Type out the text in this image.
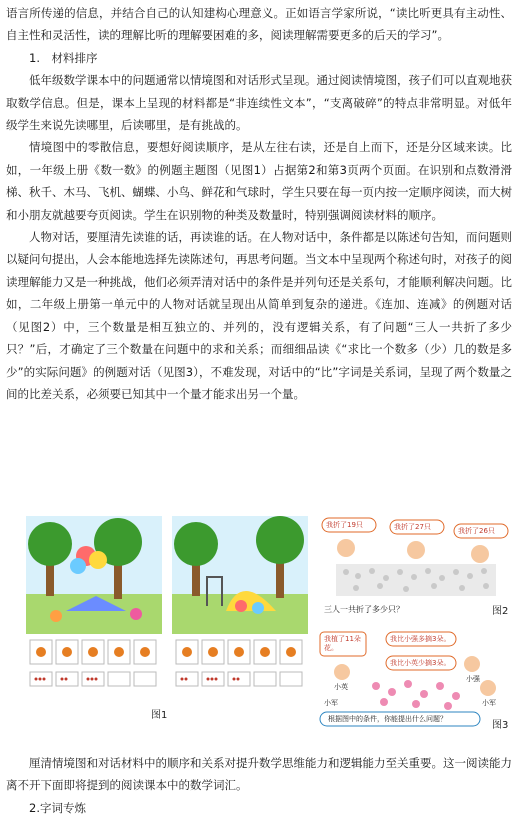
语言所传递的信息，并结合自己的认知建构心理意义。正如语言学家所说，“读比听更具有主动性、自主性和灵活性，读的理解比听的理解要困难的多，阅读理解需要更多的后天的学习”。

1.　材料排序

低年级数学课本中的问题通常以情境图和对话形式呈现。通过阅读情境图，孩子们可以直观地获取数学信息。但是，课本上呈现的材料都是“非连续性文本”，“支离破碎”的特点非常明显。对低年级学生来说先读哪里，后读哪里，是有挑战的。

情境图中的零散信息，要想好阅读顺序，是从左往右读，还是自上而下，还是分区域来读。比如，一年级上册《数一数》的例题主题图（见图1）占据第2和第3页两个页面。在识别和点数滑滑梯、秋千、木马、飞机、蝴蝶、小鸟、鲜花和气球时，学生只要在每一页内按一定顺序阅读，而大树和小朋友就越要夸页阅读。学生在识别物的种类及数量时，特别强调阅读材料的顺序。

人物对话，要厘清先读谁的话，再读谁的话。在人物对话中，条件都是以陈述句告知，而问题则以疑问句提出，人会本能地选择先读陈述句，再思考问题。当文本中呈现两个称述句时，对孩子的阅读理解能力又是一种挑战，他们必须弄清对话中的条件是并列句还是关系句，才能顺利解决问题。比如，二年级上册第一单元中的人物对话就呈现出从简单到复杂的递进。《连加、连减》的例题对话（见图2）中，三个数量是相互独立的、并列的，没有逻辑关系，有了问题“三人一共折了多少只？”后，才确定了三个数量在问题中的求和关系；而细细品读《“求比一个数多（少）几的数是多少”的实际问题》的例题对话（见图3），不难发现，对话中的“比”字词是关系词，呈现了两个数量之间的比差关系，必须要已知其中一个量才能求出另一个量。

图1
我折了19只	我折了27只	我折了26只
三人一共折了多少只？	图2
我植了11朵花。
我比小强多摘3朵。
我比小英少摘3朵。
小英
小强
小军	小军
根据图中的条件，你能提出什么问题？
图3

厘清情境图和对话材料中的顺序和关系对提升数学思维能力和逻辑能力至关重要。这一阅读能力离不开下面即将提到的阅读课本中的数学词汇。

2.字词专炼
